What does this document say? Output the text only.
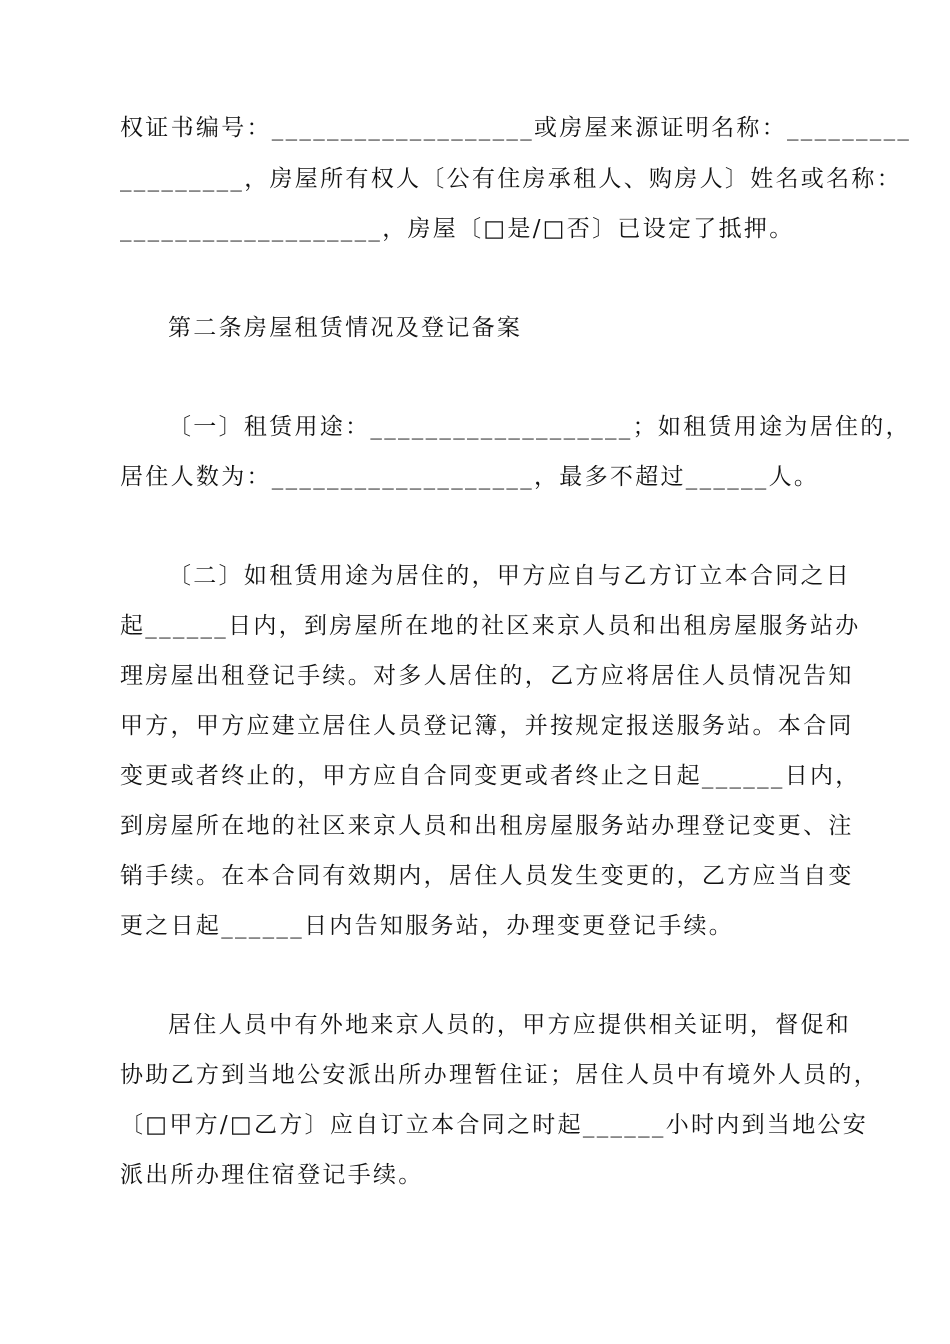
权证书编号：___________________或房屋来源证明名称：_________
_________，房屋所有权人〔公有住房承租人、购房人〕姓名或名称：
___________________，房屋〔□是/□否〕已设定了抵押。
第二条房屋租赁情况及登记备案
〔一〕租赁用途：___________________；如租赁用途为居住的，
居住人数为：___________________，最多不超过______人。
〔二〕如租赁用途为居住的，甲方应自与乙方订立本合同之日
起______日内，到房屋所在地的社区来京人员和出租房屋服务站办
理房屋出租登记手续。对多人居住的，乙方应将居住人员情况告知
甲方，甲方应建立居住人员登记簿，并按规定报送服务站。本合同
变更或者终止的，甲方应自合同变更或者终止之日起______日内，
到房屋所在地的社区来京人员和出租房屋服务站办理登记变更、注
销手续。在本合同有效期内，居住人员发生变更的，乙方应当自变
更之日起______日内告知服务站，办理变更登记手续。
居住人员中有外地来京人员的，甲方应提供相关证明，督促和
协助乙方到当地公安派出所办理暂住证；居住人员中有境外人员的，
〔□甲方/□乙方〕应自订立本合同之时起______小时内到当地公安
派出所办理住宿登记手续。
